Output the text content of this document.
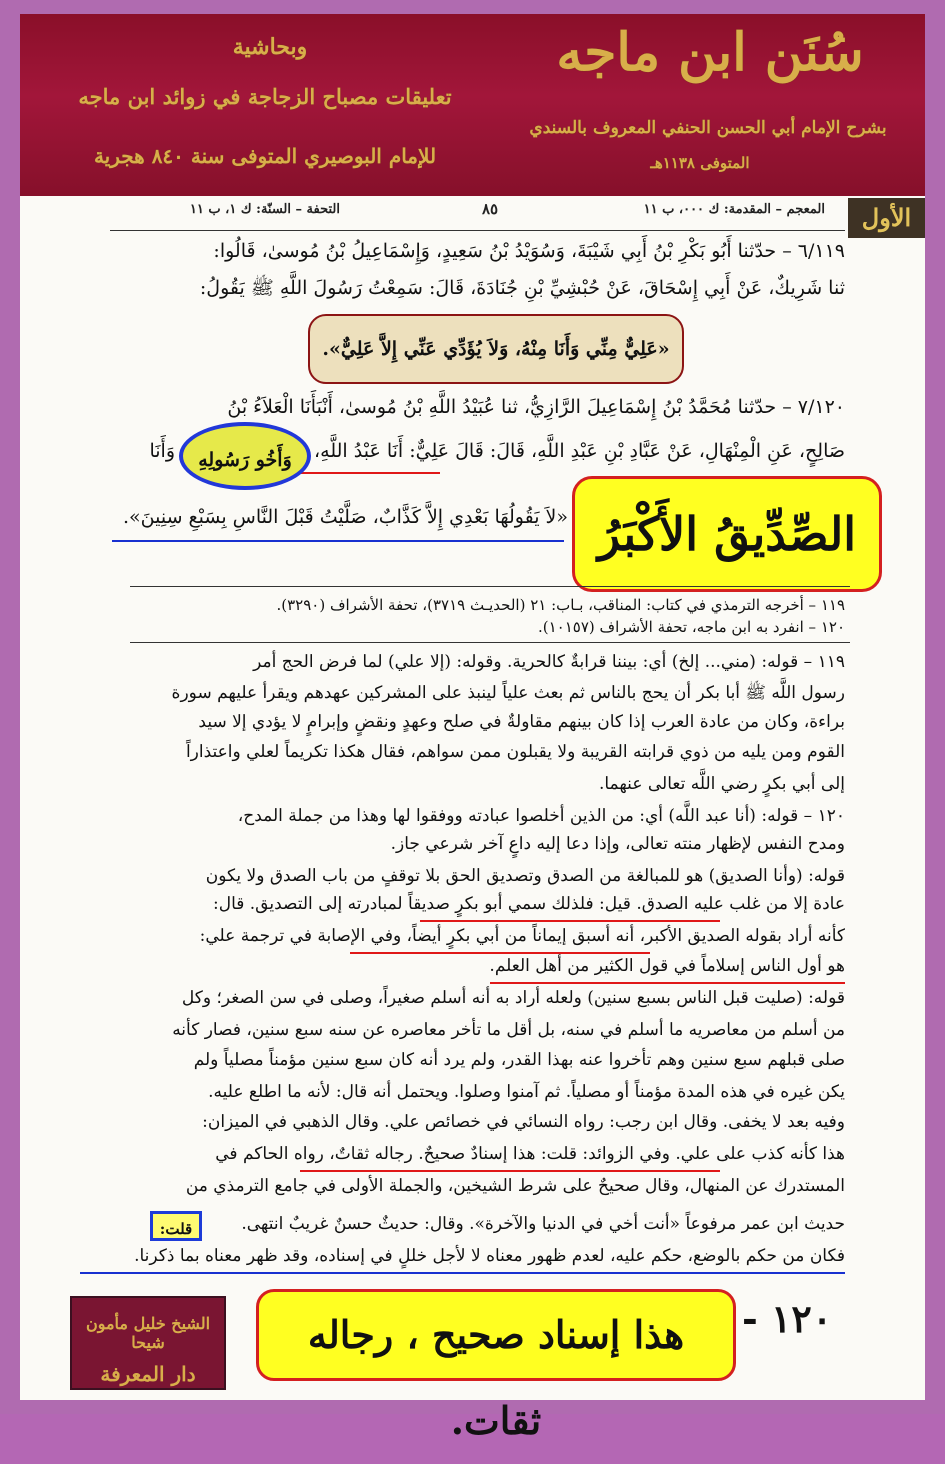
سُنَن ابن ماجه
بشرح الإمام أبي الحسن الحنفي المعروف بالسندي
المتوفى ١١٣٨هـ
وبحاشية
تعليقات مصباح الزجاجة في زوائد ابن ماجه
للإمام البوصيري المتوفى سنة ٨٤٠ هجرية
الأول
المعجم – المقدمة: ك ٠٠٠، ب ١١
٨٥
التحفة – السنّة: ك ١، ب ١١
٦/١١٩ – حدّثنا أَبُو بَكْرِ بْنُ أَبِي شَيْبَةَ، وَسُوَيْدُ بْنُ سَعِيدٍ، وَإِسْمَاعِيلُ بْنُ مُوسىٰ، قَالُوا:
ثنا شَرِيكٌ، عَنْ أَبِي إِسْحَاقَ، عَنْ حُبْشِيِّ بْنِ جُنَادَةَ، قَالَ: سَمِعْتُ رَسُولَ اللَّهِ ﷺ يَقُولُ:
«عَلِيٌّ مِنِّي وَأَنَا مِنْهُ، وَلاَ يُؤَدِّي عَنِّي إِلاَّ عَلِيٌّ».
٧/١٢٠ – حدّثنا مُحَمَّدُ بْنُ إِسْمَاعِيلَ الرَّازِيُّ، ثنا عُبَيْدُ اللَّهِ بْنُ مُوسىٰ، أَنْبَأَنَا الْعَلاَءُ بْنُ
صَالِحٍ، عَنِ الْمِنْهَالِ، عَنْ عَبَّادِ بْنِ عَبْدِ اللَّهِ، قَالَ: قَالَ عَلِيٌّ: أَنَا عَبْدُ اللَّهِ،
وَأَخُو رَسُولِهِ
وَأَنَا
الصِّدِّيقُ الأَكْبَرُ
«لاَ يَقُولُهَا بَعْدِي إِلاَّ كَذَّابٌ، صَلَّيْتُ قَبْلَ النَّاسِ بِسَبْعِ سِنِينَ».
١١٩ – أخرجه الترمذي في كتاب: المناقب، بـاب: ٢١ (الحديـث ٣٧١٩)، تحفة الأشراف (٣٢٩٠).
١٢٠ – انفرد به ابن ماجه، تحفة الأشراف (١٠١٥٧).
١١٩ – قوله: (مني... إلخ) أي: بيننا قرابةٌ كالحرية. وقوله: (إلا علي) لما فرض الحج أمر
رسول اللَّه ﷺ أبا بكر أن يحج بالناس ثم بعث علياً لينبذ على المشركين عهدهم ويقرأ عليهم سورة
براءة، وكان من عادة العرب إذا كان بينهم مقاولةٌ في صلح وعهدٍ ونقضٍ وإبرامٍ لا يؤدي إلا سيد
القوم ومن يليه من ذوي قرابته القريبة ولا يقبلون ممن سواهم، فقال هكذا تكريماً لعلي واعتذاراً
إلى أبي بكرٍ رضي اللَّه تعالى عنهما.
١٢٠ – قوله: (أنا عبد اللَّه) أي: من الذين أخلصوا عبادته ووفقوا لها وهذا من جملة المدح،
ومدح النفس لإظهار منته تعالى، وإذا دعا إليه داعٍ آخر شرعي جاز.
قوله: (وأنا الصديق) هو للمبالغة من الصدق وتصديق الحق بلا توقفٍ من باب الصدق ولا يكون
عادة إلا من غلب عليه الصدق. قيل: فلذلك سمي أبو بكرٍ صديقاً لمبادرته إلى التصديق. قال:
كأنه أراد بقوله الصديق الأكبر، أنه أسبق إيماناً من أبي بكرٍ أيضاً، وفي الإصابة في ترجمة علي:
هو أول الناس إسلاماً في قول الكثير من أهل العلم.
قوله: (صليت قبل الناس بسبع سنين) ولعله أراد به أنه أسلم صغيراً، وصلى في سن الصغر؛ وكل
من أسلم من معاصريه ما أسلم في سنه، بل أقل ما تأخر معاصره عن سنه سبع سنين، فصار كأنه
صلى قبلهم سبع سنين وهم تأخروا عنه بهذا القدر، ولم يرد أنه كان سبع سنين مؤمناً مصلياً ولم
يكن غيره في هذه المدة مؤمناً أو مصلياً. ثم آمنوا وصلوا. ويحتمل أنه قال: لأنه ما اطلع عليه.
وفيه بعد لا يخفى. وقال ابن رجب: رواه النسائي في خصائص علي. وقال الذهبي في الميزان:
هذا كأنه كذب على علي. وفي الزوائد: قلت: هذا إسنادٌ صحيحٌ. رجاله ثقاتٌ، رواه الحاكم في
المستدرك عن المنهال، وقال صحيحٌ على شرط الشيخين، والجملة الأولى في جامع الترمذي من
حديث ابن عمر مرفوعاً «أنت أخي في الدنيا والآخرة». وقال: حديثٌ حسنٌ غريبٌ انتهى.
قلت:
فكان من حكم بالوضع، حكم عليه، لعدم ظهور معناه لا لأجل خللٍ في إسناده، وقد ظهر معناه بما ذكرنا.
الشيخ خليل مأمون شيحا
دار المعرفة
هذا إسناد صحيح ، رجاله ثقات.
١٢٠ -
